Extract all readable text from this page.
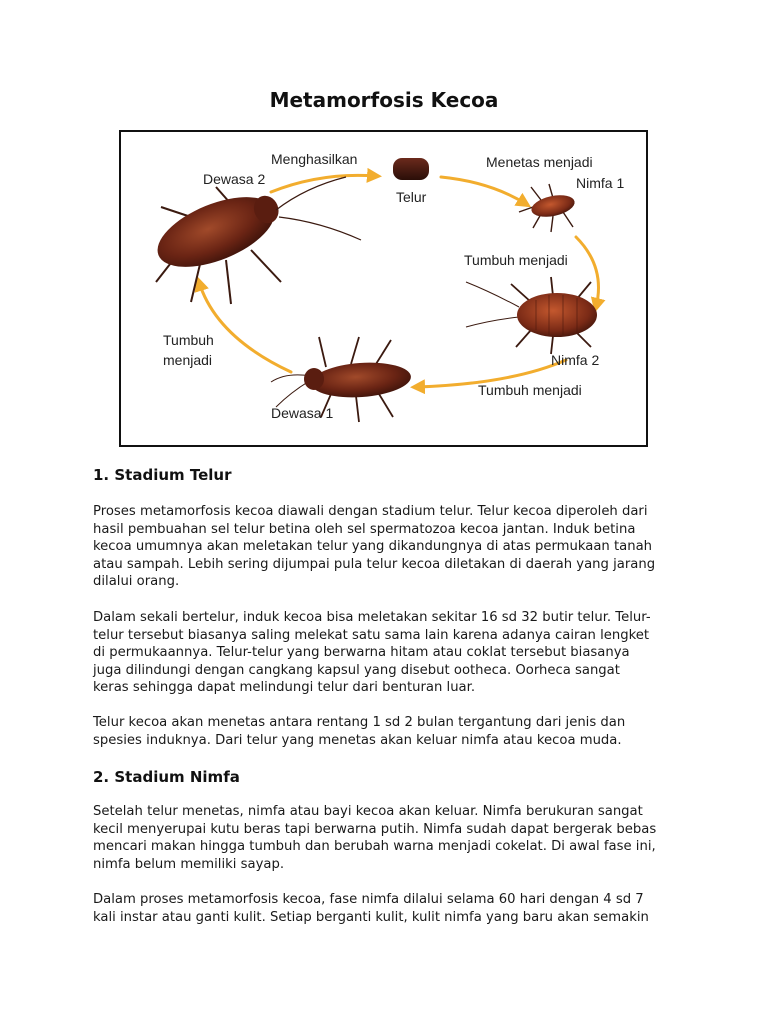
Metamorfosis Kecoa
Dewasa 2
Menghasilkan
Telur
Menetas menjadi
Nimfa 1
Tumbuh menjadi
Nimfa 2
Tumbuh menjadi
Dewasa 1
Tumbuh
menjadi
1. Stadium Telur

Proses metamorfosis kecoa diawali dengan stadium telur. Telur kecoa diperoleh dari
hasil pembuahan sel telur betina oleh sel spermatozoa kecoa jantan. Induk betina
kecoa umumnya akan meletakan telur yang dikandungnya di atas permukaan tanah
atau sampah. Lebih sering dijumpai pula telur kecoa diletakan di daerah yang jarang
dilalui orang.

Dalam sekali bertelur, induk kecoa bisa meletakan sekitar 16 sd 32 butir telur. Telur-
telur tersebut biasanya saling melekat satu sama lain karena adanya cairan lengket
di permukaannya. Telur-telur yang berwarna hitam atau coklat tersebut biasanya
juga dilindungi dengan cangkang kapsul yang disebut ootheca. Oorheca sangat
keras sehingga dapat melindungi telur dari benturan luar.

Telur kecoa akan menetas antara rentang 1 sd 2 bulan tergantung dari jenis dan
spesies induknya. Dari telur yang menetas akan keluar nimfa atau kecoa muda.

2. Stadium Nimfa

Setelah telur menetas, nimfa atau bayi kecoa akan keluar. Nimfa berukuran sangat
kecil menyerupai kutu beras tapi berwarna putih. Nimfa sudah dapat bergerak bebas
mencari makan hingga tumbuh dan berubah warna menjadi cokelat. Di awal fase ini,
nimfa belum memiliki sayap.

Dalam proses metamorfosis kecoa, fase nimfa dilalui selama 60 hari dengan 4 sd 7
kali instar atau ganti kulit. Setiap berganti kulit, kulit nimfa yang baru akan semakin
